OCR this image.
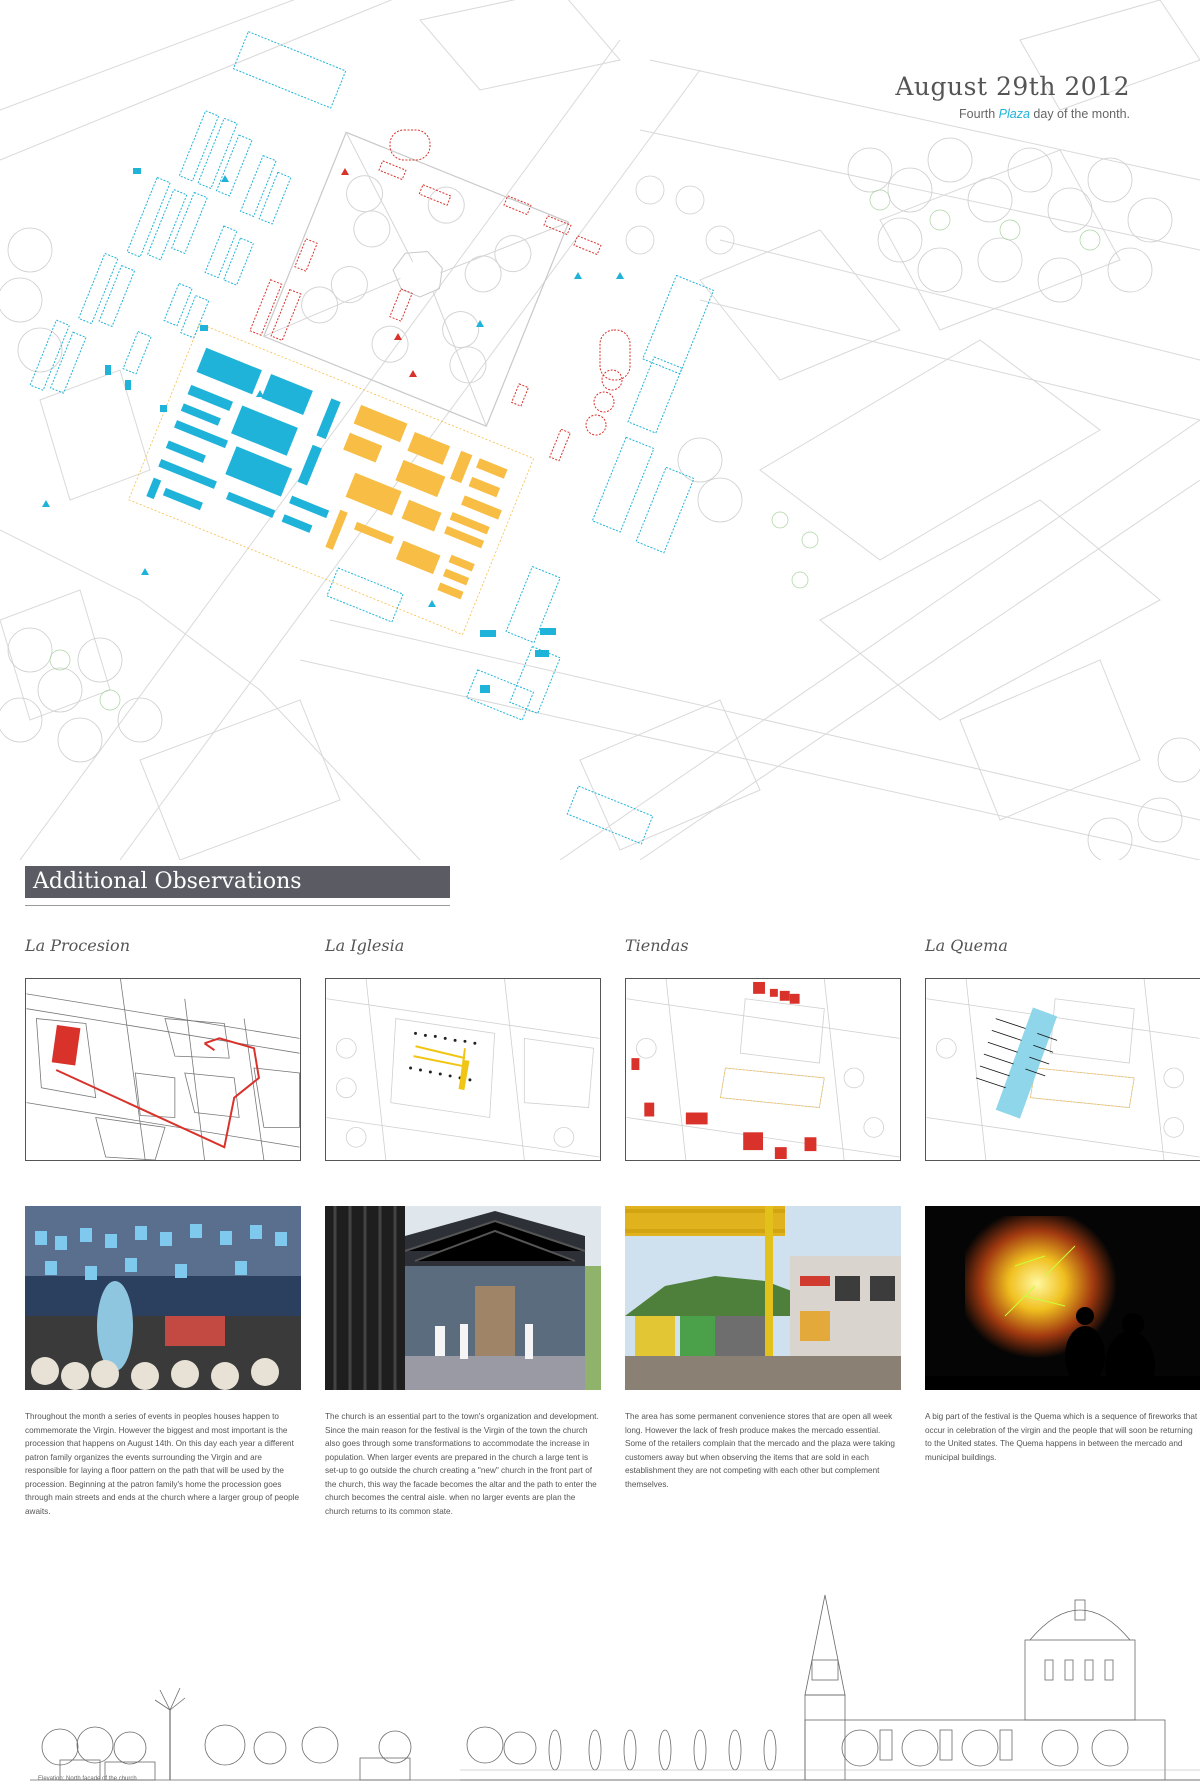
August 29th 2012
Fourth Plaza day of the month.
Additional Observations
La Procesion

Throughout the month a series of events in peoples houses happen to commemorate the Virgin. However the biggest and most important is the procession that happens on August 14th. On this day each year a different patron family organizes the events surrounding the Virgin and are responsible for laying a floor pattern on the path that will be used by the procession. Beginning at the patron family's home the procession goes through main streets and ends at the church where a larger group of people awaits.
La Iglesia

The church is an essential part to the town's organization and development. Since the main reason for the festival is the Virgin of the town the church also goes through some transformations to accommodate the increase in population. When larger events are prepared in the church a large tent is set-up to go outside the church creating a "new" church in the front part of the church, this way the facade becomes the altar and the path to enter the church becomes the central aisle. when no larger events are plan the church returns to its common state.
Tiendas

The area has some permanent convenience stores that are open all week long. However the lack of fresh produce makes the mercado essential. Some of the retailers complain that the mercado and the plaza were taking customers away but when observing the items that are sold in each establishment they are not competing with each other but complement themselves.
La Quema

A big part of the festival is the Quema which is a sequence of fireworks that occur in celebration of the virgin and the people that will soon be returning to the United states. The Quema happens in between the mercado and municipal buildings.
Elevation: North facade of the church
